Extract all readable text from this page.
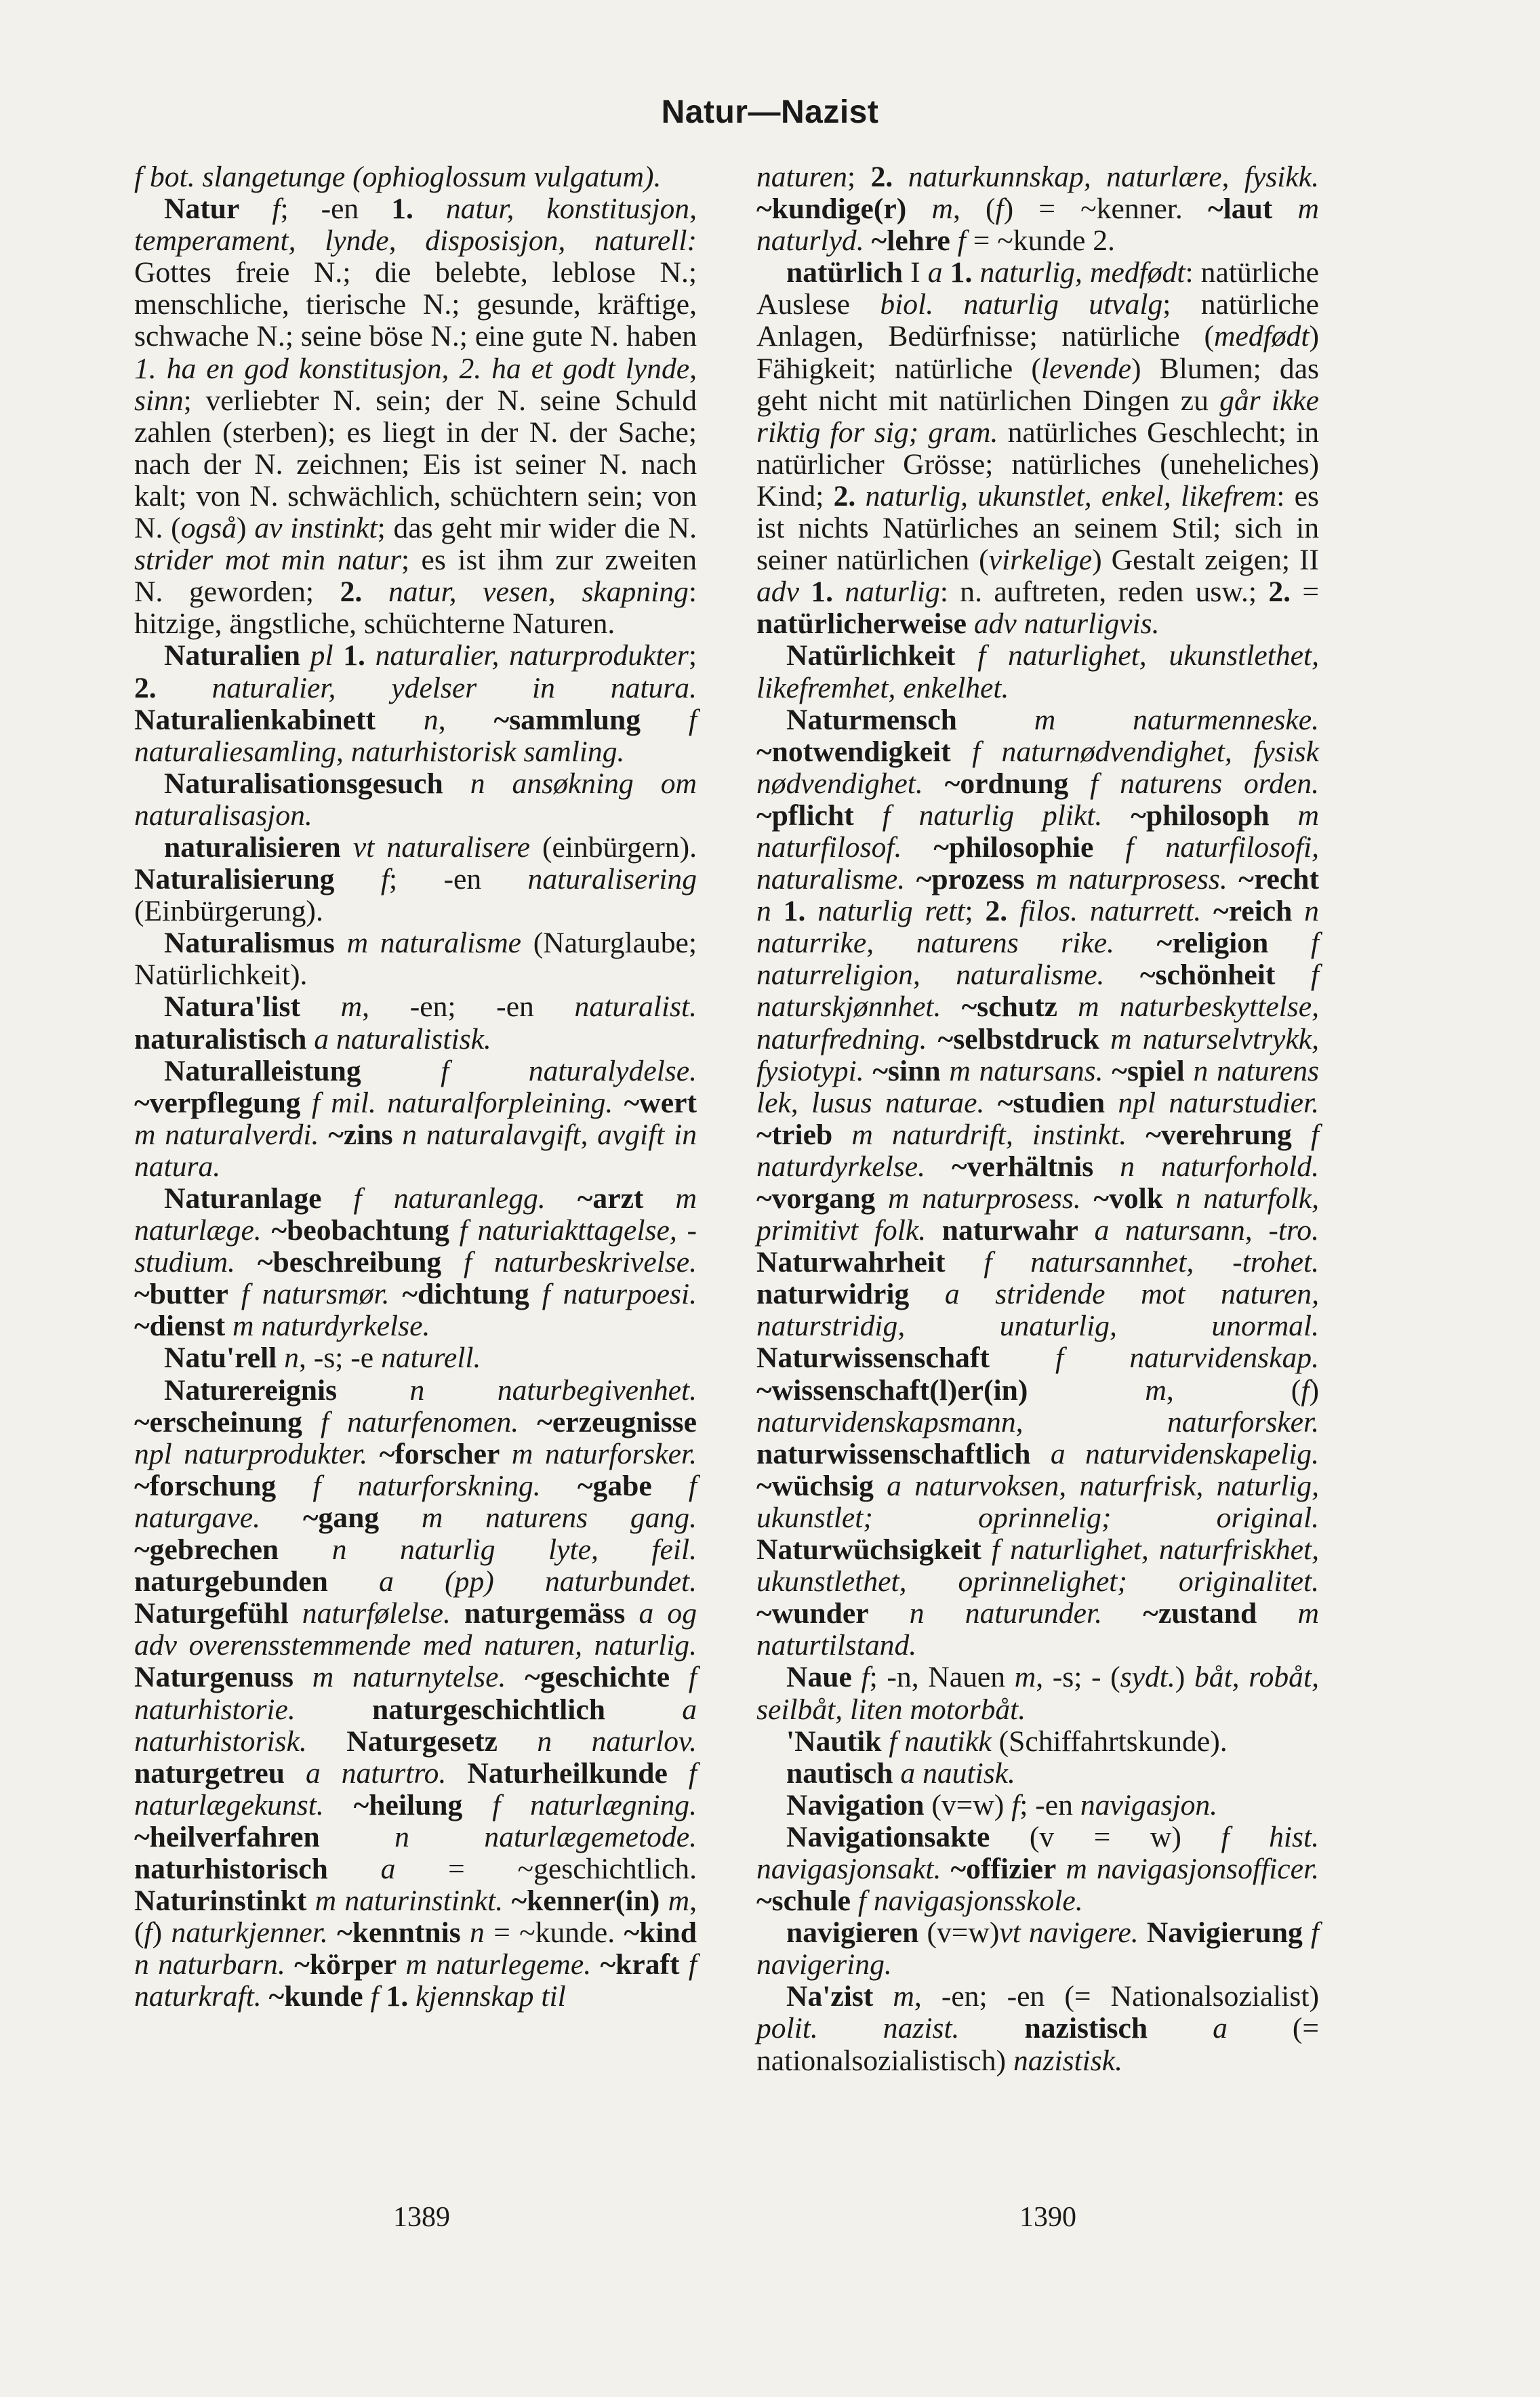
Natur—Nazist

f bot. slangetunge (ophioglossum vulgatum).

Natur f; -en 1. natur, konstitusjon, temperament, lynde, disposisjon, naturell: Gottes freie N.; die belebte, leblose N.; menschliche, tierische N.; gesunde, kräftige, schwache N.; seine böse N.; eine gute N. haben 1. ha en god konstitusjon, 2. ha et godt lynde, sinn; verliebter N. sein; der N. seine Schuld zahlen (sterben); es liegt in der N. der Sache; nach der N. zeichnen; Eis ist seiner N. nach kalt; von N. schwächlich, schüchtern sein; von N. (også) av instinkt; das geht mir wider die N. strider mot min natur; es ist ihm zur zweiten N. geworden; 2. natur, vesen, skapning: hitzige, ängstliche, schüchterne Naturen.

Naturalien pl 1. naturalier, naturprodukter; 2. naturalier, ydelser in natura. Naturalienkabinett n, ~sammlung f naturaliesamling, naturhistorisk samling.

Naturalisationsgesuch n ansøkning om naturalisasjon.

naturalisieren vt naturalisere (einbürgern). Naturalisierung f; -en naturalisering (Einbürgerung).

Naturalismus m naturalisme (Naturglaube; Natürlichkeit).

Natura'list m, -en; -en naturalist. naturalistisch a naturalistisk.

Naturalleistung f naturalydelse. ~verpflegung f mil. naturalforpleining. ~wert m naturalverdi. ~zins n naturalavgift, avgift in natura.

Naturanlage f naturanlegg. ~arzt m naturlæge. ~beobachtung f naturiakttagelse, -studium. ~beschreibung f naturbeskrivelse. ~butter f natursmør. ~dichtung f naturpoesi. ~dienst m naturdyrkelse.

Natu'rell n, -s; -e naturell.

Naturereignis n naturbegivenhet. ~erscheinung f naturfenomen. ~erzeugnisse npl naturprodukter. ~forscher m naturforsker. ~forschung f naturforskning. ~gabe f naturgave. ~gang m naturens gang. ~gebrechen n naturlig lyte, feil. naturgebunden a (pp) naturbundet. Naturgefühl naturfølelse. naturgemäss a og adv overensstemmende med naturen, naturlig. Naturgenuss m naturnytelse. ~geschichte f naturhistorie.	naturgeschichtlich a naturhistorisk. Naturgesetz n naturlov. naturgetreu a naturtro. Naturheilkunde f naturlægekunst. ~heilung f naturlægning. ~heilverfahren n naturlægemetode. naturhistorisch a = ~geschichtlich. Naturinstinkt m naturinstinkt. ~kenner(in) m, (f) naturkjenner. ~kenntnis n = ~kunde. ~kind n naturbarn. ~körper m naturlegeme. ~kraft f naturkraft. ~kunde f 1. kjennskap til

naturen; 2. naturkunnskap, naturlære, fysikk. ~kundige(r) m, (f) = ~kenner. ~laut m naturlyd. ~lehre f = ~kunde 2.

natürlich I a 1. naturlig, medfødt: natürliche Auslese biol. naturlig utvalg; natürliche Anlagen, Bedürfnisse; natürliche (medfødt) Fähigkeit; natürliche (levende) Blumen; das geht nicht mit natürlichen Dingen zu går ikke riktig for sig; gram. natürliches Geschlecht; in natürlicher Grösse; natürliches (uneheliches) Kind; 2. naturlig, ukunstlet, enkel, likefrem: es ist nichts Natürliches an seinem Stil; sich in seiner natürlichen (virkelige) Gestalt zeigen; II adv 1. naturlig: n. auftreten, reden usw.; 2. = natürlicherweise adv naturligvis.

Natürlichkeit f naturlighet, ukunstlethet, likefremhet, enkelhet.

Naturmensch m naturmenneske. ~notwendigkeit f naturnødvendighet, fysisk nødvendighet. ~ordnung f naturens orden. ~pflicht f naturlig plikt. ~philosoph m naturfilosof. ~philosophie f naturfilosofi, naturalisme. ~prozess m naturprosess. ~recht n 1. naturlig rett; 2. filos. naturrett. ~reich n naturrike, naturens rike. ~religion f naturreligion, naturalisme. ~schönheit f naturskjønnhet. ~schutz m naturbeskyttelse, naturfredning. ~selbstdruck m naturselvtrykk, fysiotypi. ~sinn m natursans. ~spiel n naturens lek, lusus naturae. ~studien npl naturstudier. ~trieb m naturdrift, instinkt. ~verehrung f naturdyrkelse. ~verhältnis n naturforhold. ~vorgang m naturprosess. ~volk n naturfolk, primitivt folk. naturwahr a natursann, -tro. Naturwahrheit f natursannhet, -trohet. naturwidrig a stridende mot naturen, naturstridig, unaturlig, unormal. Naturwissenschaft f naturvidenskap. ~wissenschaft(l)er(in) m, (f) naturvidenskapsmann, naturforsker. naturwissenschaftlich a naturvidenskapelig. ~wüchsig a naturvoksen, naturfrisk, naturlig, ukunstlet; oprinnelig; original. Naturwüchsigkeit f naturlighet, naturfriskhet, ukunstlethet, oprinnelighet; originalitet. ~wunder n naturunder. ~zustand m naturtilstand.

Naue f; -n, Nauen m, -s; - (sydt.) båt, robåt, seilbåt, liten motorbåt.

'Nautik f nautikk (Schiffahrtskunde).

nautisch a nautisk.

Navigation (v=w) f; -en navigasjon.

Navigationsakte (v = w) f hist. navigasjonsakt. ~offizier m navigasjonsofficer. ~schule f navigasjonsskole.

navigieren (v=w)vt navigere. Navigierung f navigering.

Na'zist m, -en; -en (= Nationalsozialist) polit. nazist. nazistisch a (= nationalsozialistisch) nazistisk.

1389	1390
